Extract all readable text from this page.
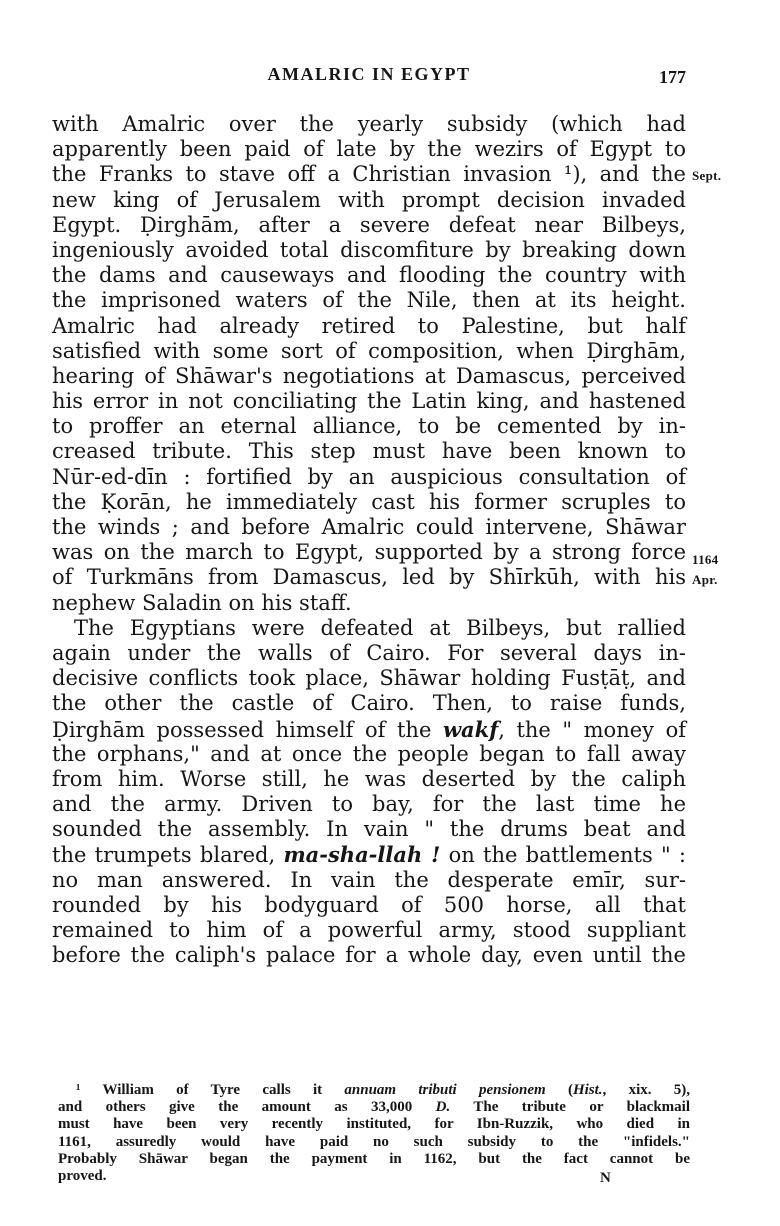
AMALRIC IN EGYPT	177
with Amalric over the yearly subsidy (which had
apparently been paid of late by the wezirs of Egypt to
the Franks to stave off a Christian invasion ¹), and the
new king of Jerusalem with prompt decision invaded
Egypt. Ḍirghām, after a severe defeat near Bilbeys,
ingeniously avoided total discomfiture by breaking down
the dams and causeways and flooding the country with
the imprisoned waters of the Nile, then at its height.
Amalric had already retired to Palestine, but half
satisfied with some sort of composition, when Ḍirghām,
hearing of Shāwar's negotiations at Damascus, perceived
his error in not conciliating the Latin king, and hastened
to proffer an eternal alliance, to be cemented by in-
creased tribute. This step must have been known to
Nūr-ed-dīn : fortified by an auspicious consultation of
the Ḳorān, he immediately cast his former scruples to
the winds ; and before Amalric could intervene, Shāwar
was on the march to Egypt, supported by a strong force
of Turkmāns from Damascus, led by Shīrkūh, with his
nephew Saladin on his staff.
The Egyptians were defeated at Bilbeys, but rallied
again under the walls of Cairo. For several days in-
decisive conflicts took place, Shāwar holding Fusṭāṭ, and
the other the castle of Cairo. Then, to raise funds,
Ḍirghām possessed himself of the wakf, the " money of
the orphans," and at once the people began to fall away
from him. Worse still, he was deserted by the caliph
and the army. Driven to bay, for the last time he
sounded the assembly. In vain " the drums beat and
the trumpets blared, ma-sha-llah ! on the battlements " :
no man answered. In vain the desperate emīr, sur-
rounded by his bodyguard of 500 horse, all that
remained to him of a powerful army, stood suppliant
before the caliph's palace for a whole day, even until the
Sept.
1164
Apr.
¹ William of Tyre calls it annuam tributi pensionem (Hist., xix. 5),
and others give the amount as 33,000 D. The tribute or blackmail
must have been very recently instituted, for Ibn-Ruzzik, who died in
1161, assuredly would have paid no such subsidy to the "infidels."
Probably Shāwar began the payment in 1162, but the fact cannot be
proved.	N
